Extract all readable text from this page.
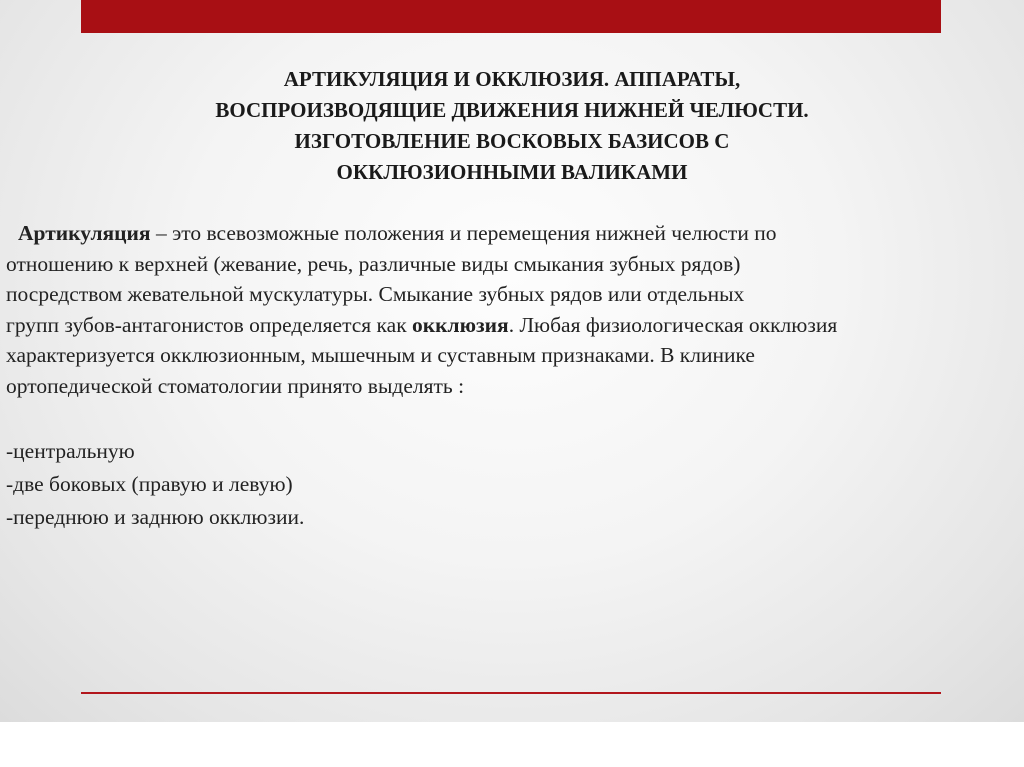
АРТИКУЛЯЦИЯ И ОККЛЮЗИЯ. АППАРАТЫ,
ВОСПРОИЗВОДЯЩИЕ ДВИЖЕНИЯ НИЖНЕЙ ЧЕЛЮСТИ.
ИЗГОТОВЛЕНИЕ ВОСКОВЫХ БАЗИСОВ С
ОККЛЮЗИОННЫМИ ВАЛИКАМИ
Артикуляция – это всевозможные положения и перемещения нижней челюсти по
отношению к верхней (жевание, речь, различные виды смыкания зубных рядов)
посредством жевательной мускулатуры. Смыкание зубных рядов или отдельных
групп зубов-антагонистов определяется как окклюзия. Любая физиологическая окклюзия
характеризуется окклюзионным, мышечным и суставным признаками. В клинике
ортопедической стоматологии принято выделять :
-центральную
-две боковых (правую и левую)
-переднюю и заднюю окклюзии.
